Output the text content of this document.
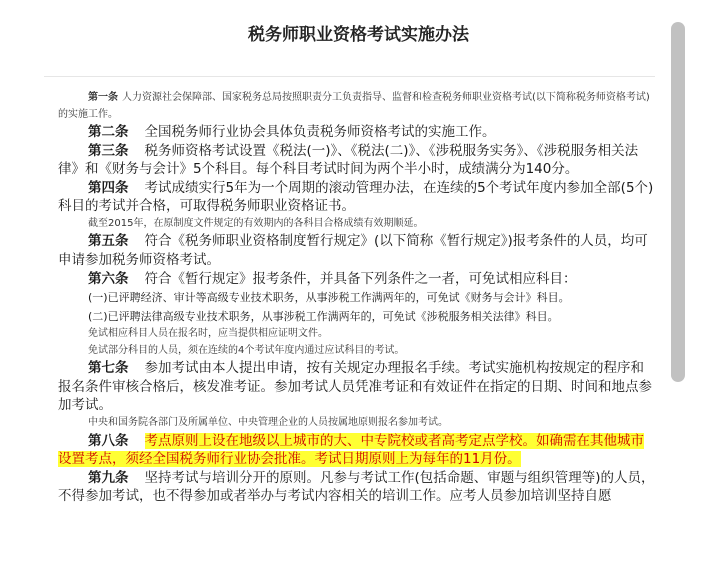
税务师职业资格考试实施办法

第一条 人力资源社会保障部、国家税务总局按照职责分工负责指导、监督和检查税务师职业资格考试(以下简称税务师资格考试)的实施工作。

第二条 全国税务师行业协会具体负责税务师资格考试的实施工作。

第三条 税务师资格考试设置《税法(一)》、《税法(二)》、《涉税服务实务》、《涉税服务相关法律》和《财务与会计》5个科目。每个科目考试时间为两个半小时，成绩满分为140分。

第四条 考试成绩实行5年为一个周期的滚动管理办法，在连续的5个考试年度内参加全部(5个)科目的考试并合格，可取得税务师职业资格证书。

截至2015年，在原制度文件规定的有效期内的各科目合格成绩有效期顺延。

第五条 符合《税务师职业资格制度暂行规定》(以下简称《暂行规定》)报考条件的人员，均可申请参加税务师资格考试。

第六条 符合《暂行规定》报考条件，并具备下列条件之一者，可免试相应科目：

(一)已评聘经济、审计等高级专业技术职务，从事涉税工作满两年的，可免试《财务与会计》科目。

(二)已评聘法律高级专业技术职务，从事涉税工作满两年的，可免试《涉税服务相关法律》科目。

免试相应科目人员在报名时，应当提供相应证明文件。

免试部分科目的人员，须在连续的4个考试年度内通过应试科目的考试。

第七条 参加考试由本人提出申请，按有关规定办理报名手续。考试实施机构按规定的程序和报名条件审核合格后，核发准考证。参加考试人员凭准考证和有效证件在指定的日期、时间和地点参加考试。

中央和国务院各部门及所属单位、中央管理企业的人员按属地原则报名参加考试。

第八条 考点原则上设在地级以上城市的大、中专院校或者高考定点学校。如确需在其他城市设置考点，须经全国税务师行业协会批准。考试日期原则上为每年的11月份。

第九条 坚持考试与培训分开的原则。凡参与考试工作(包括命题、审题与组织管理等)的人员，不得参加考试，也不得参加或者举办与考试内容相关的培训工作。应考人员参加培训坚持自愿
